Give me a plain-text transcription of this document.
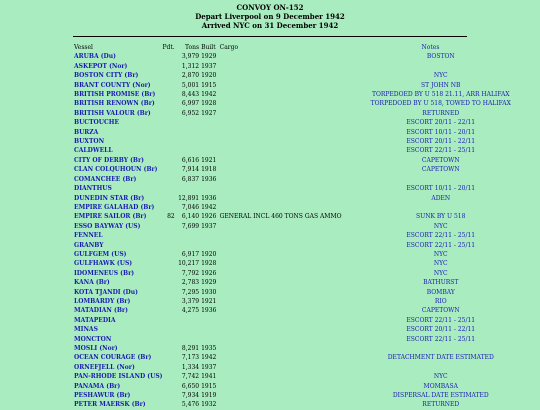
CONVOY ON-152
Depart Liverpool on 9 December 1942
Arrived NYC on 31 December 1942
Vessel	Pdt.	Tons	Built	Cargo	Notes
ARUBA (Du)		3,979	1929		BOSTON
ASKEPOT (Nor)		1,312	1937		
BOSTON CITY (Br)		2,870	1920		NYC
BRANT COUNTY (Nor)		5,001	1915		ST JOHN NB
BRITISH PROMISE (Br)		8,443	1942		TORPEDOED BY U 518 21.11, ARR HALIFAX
BRITISH RENOWN (Br)		6,997	1928		TORPEDOED BY U 518, TOWED TO HALIFAX
BRITISH VALOUR (Br)		6,952	1927		RETURNED
BUCTOUCHE					ESCORT 20/11 - 22/11
BURZA					ESCORT 10/11 - 20/11
BUXTON					ESCORT 20/11 - 22/11
CALDWELL					ESCORT 22/11 - 25/11
CITY OF DERBY (Br)		6,616	1921		CAPETOWN
CLAN COLQUHOUN (Br)		7,914	1918		CAPETOWN
COMANCHEE (Br)		6,837	1936		
DIANTHUS					ESCORT 10/11 - 20/11
DUNEDIN STAR (Br)		12,891	1936		ADEN
EMPIRE GALAHAD (Br)		7,046	1942		
EMPIRE SAILOR (Br)	82	6,140	1926	GENERAL INCL 460 TONS GAS AMMO	SUNK BY U 518
ESSO BAYWAY (US)		7,699	1937		NYC
FENNEL					ESCORT 22/11 - 25/11
GRANBY					ESCORT 22/11 - 25/11
GULFGEM (US)		6,917	1920		NYC
GULFHAWK (US)		10,217	1928		NYC
IDOMENEUS (Br)		7,792	1926		NYC
KANA (Br)		2,783	1929		BATHURST
KOTA TJANDI (Du)		7,295	1930		BOMBAY
LOMBARDY (Br)		3,379	1921		RIO
MATADIAN (Br)		4,275	1936		CAPETOWN
MATAPEDIA					ESCORT 22/11 - 25/11
MINAS					ESCORT 20/11 - 22/11
MONCTON					ESCORT 22/11 - 25/11
MOSLI (Nor)		8,291	1935		
OCEAN COURAGE (Br)		7,173	1942		DETACHMENT DATE ESTIMATED
ORNEFJELL (Nor)		1,334	1937		
PAN-RHODE ISLAND (US)		7,742	1941		NYC
PANAMA (Br)		6,650	1915		MOMBASA
PESHAWUR (Br)		7,934	1919		DISPERSAL DATE ESTIMATED
PETER MAERSK (Br)		5,476	1932		RETURNED
